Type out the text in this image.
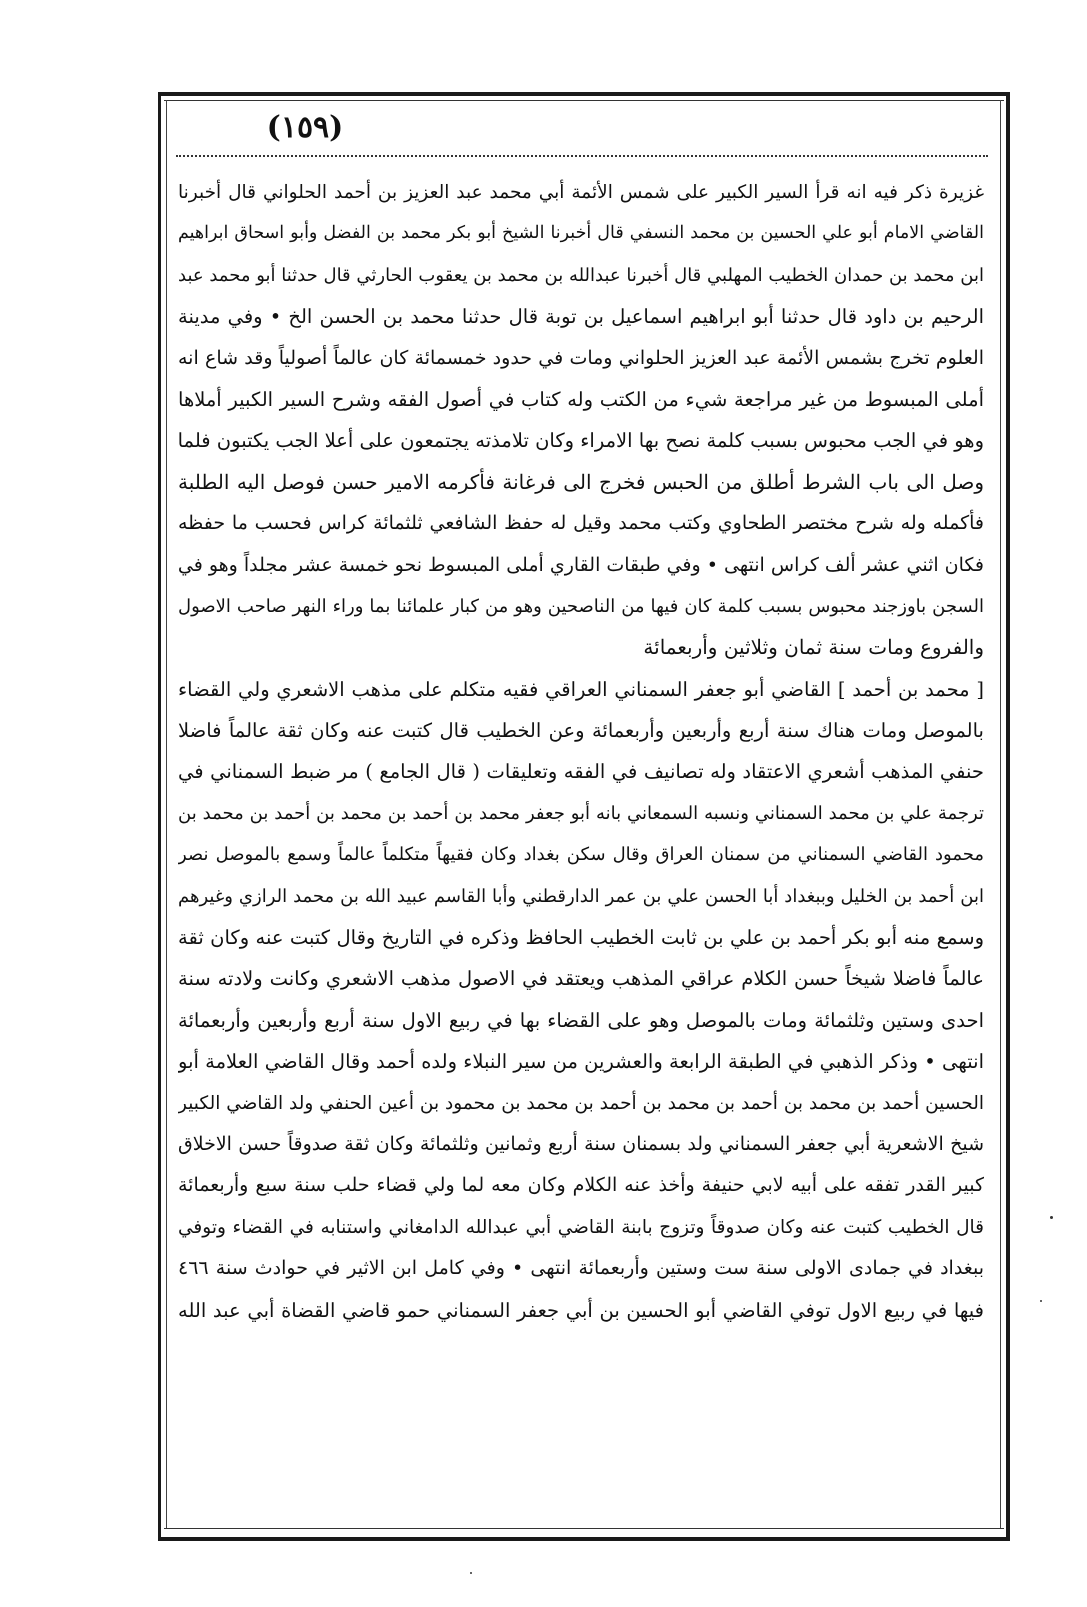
(١٥٩)
غزيرة ذكر فيه انه قرأ السير الكبير على شمس الأئمة أبي محمد عبد العزيز بن أحمد الحلواني قال أخبرنا
القاضي الامام أبو علي الحسين بن محمد النسفي قال أخبرنا الشيخ أبو بكر محمد بن الفضل وأبو اسحاق ابراهيم
ابن محمد بن حمدان الخطيب المهلبي قال أخبرنا عبدالله بن محمد بن يعقوب الحارثي قال حدثنا أبو محمد عبد
الرحيم بن داود قال حدثنا أبو ابراهيم اسماعيل بن توبة قال حدثنا محمد بن الحسن الخ • وفي مدينة
العلوم تخرج بشمس الأئمة عبد العزيز الحلواني ومات في حدود خمسمائة كان عالماً أصولياً وقد شاع انه
أملى المبسوط من غير مراجعة شيء من الكتب وله كتاب في أصول الفقه وشرح السير الكبير أملاها
وهو في الجب محبوس بسبب كلمة نصح بها الامراء وكان تلامذته يجتمعون على أعلا الجب يكتبون فلما
وصل الى باب الشرط أطلق من الحبس فخرج الى فرغانة فأكرمه الامير حسن فوصل اليه الطلبة
فأكمله وله شرح مختصر الطحاوي وكتب محمد وقيل له حفظ الشافعي ثلثمائة كراس فحسب ما حفظه
فكان اثني عشر ألف كراس انتهى • وفي طبقات القاري أملى المبسوط نحو خمسة عشر مجلداً وهو في
السجن باوزجند محبوس بسبب كلمة كان فيها من الناصحين وهو من كبار علمائنا بما وراء النهر صاحب الاصول
والفروع ومات سنة ثمان وثلاثين وأربعمائة
[ محمد بن أحمد ] القاضي أبو جعفر السمناني العراقي فقيه متكلم على مذهب الاشعري ولي القضاء
بالموصل ومات هناك سنة أربع وأربعين وأربعمائة وعن الخطيب قال كتبت عنه وكان ثقة عالماً فاضلا
حنفي المذهب أشعري الاعتقاد وله تصانيف في الفقه وتعليقات ( قال الجامع ) مر ضبط السمناني في
ترجمة علي بن محمد السمناني ونسبه السمعاني بانه أبو جعفر محمد بن أحمد بن محمد بن أحمد بن محمد بن
محمود القاضي السمناني من سمنان العراق وقال سكن بغداد وكان فقيهاً متكلماً عالماً وسمع بالموصل نصر
ابن أحمد بن الخليل وببغداد أبا الحسن علي بن عمر الدارقطني وأبا القاسم عبيد الله بن محمد الرازي وغيرهم
وسمع منه أبو بكر أحمد بن علي بن ثابت الخطيب الحافظ وذكره في التاريخ وقال كتبت عنه وكان ثقة
عالماً فاضلا شيخاً حسن الكلام عراقي المذهب ويعتقد في الاصول مذهب الاشعري وكانت ولادته سنة
احدى وستين وثلثمائة ومات بالموصل وهو على القضاء بها في ربيع الاول سنة أربع وأربعين وأربعمائة
انتهى • وذكر الذهبي في الطبقة الرابعة والعشرين من سير النبلاء ولده أحمد وقال القاضي العلامة أبو
الحسين أحمد بن محمد بن أحمد بن محمد بن أحمد بن محمد بن محمود بن أعين الحنفي ولد القاضي الكبير
شيخ الاشعرية أبي جعفر السمناني ولد بسمنان سنة أربع وثمانين وثلثمائة وكان ثقة صدوقاً حسن الاخلاق
كبير القدر تفقه على أبيه لابي حنيفة وأخذ عنه الكلام وكان معه لما ولي قضاء حلب سنة سبع وأربعمائة
قال الخطيب كتبت عنه وكان صدوقاً وتزوج بابنة القاضي أبي عبدالله الدامغاني واستنابه في القضاء وتوفي
ببغداد في جمادى الاولى سنة ست وستين وأربعمائة انتهى • وفي كامل ابن الاثير في حوادث سنة ٤٦٦
فيها في ربيع الاول توفي القاضي أبو الحسين بن أبي جعفر السمناني حمو قاضي القضاة أبي عبد الله
